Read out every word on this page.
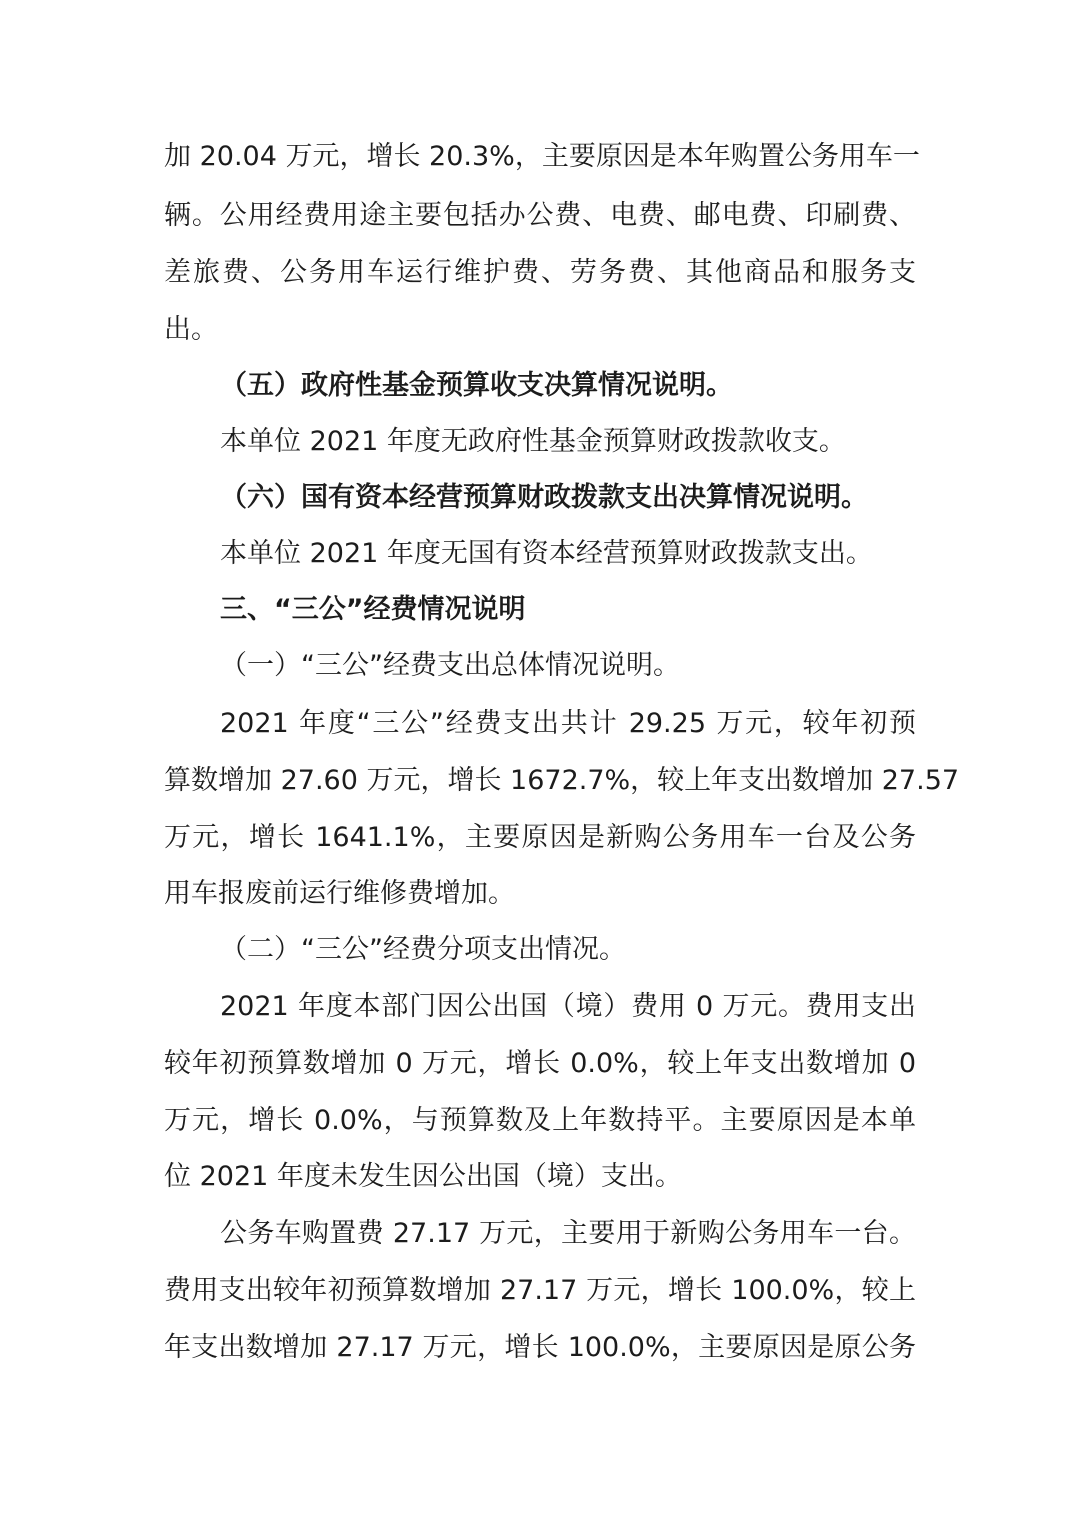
加 20.04 万元，增长 20.3%，主要原因是本年购置公务用车一
辆。公用经费用途主要包括办公费、电费、邮电费、印刷费、
差旅费、公务用车运行维护费、劳务费、其他商品和服务支
出。
（五）政府性基金预算收支决算情况说明。
本单位 2021 年度无政府性基金预算财政拨款收支。
（六）国有资本经营预算财政拨款支出决算情况说明。
本单位 2021 年度无国有资本经营预算财政拨款支出。
三、“三公”经费情况说明
（一）“三公”经费支出总体情况说明。
2021 年度“三公”经费支出共计 29.25 万元，较年初预
算数增加 27.60 万元，增长 1672.7%，较上年支出数增加 27.57
万元，增长 1641.1%，主要原因是新购公务用车一台及公务
用车报废前运行维修费增加。
（二）“三公”经费分项支出情况。
2021 年度本部门因公出国（境）费用 0 万元。费用支出
较年初预算数增加 0 万元，增长 0.0%，较上年支出数增加 0
万元，增长 0.0%，与预算数及上年数持平。主要原因是本单
位 2021 年度未发生因公出国（境）支出。
公务车购置费 27.17 万元，主要用于新购公务用车一台。
费用支出较年初预算数增加 27.17 万元，增长 100.0%，较上
年支出数增加 27.17 万元，增长 100.0%，主要原因是原公务
